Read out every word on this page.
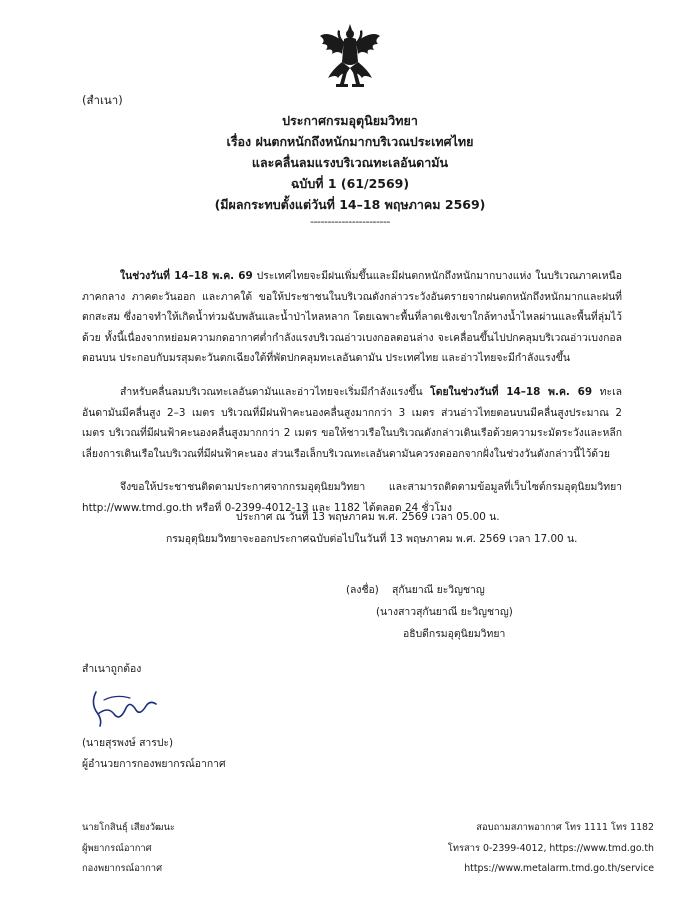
(สำเนา)
ประกาศกรมอุตุนิยมวิทยา
เรื่อง ฝนตกหนักถึงหนักมากบริเวณประเทศไทย
และคลื่นลมแรงบริเวณทะเลอันดามัน
ฉบับที่ 1 (61/2569)
(มีผลกระทบตั้งแต่วันที่ 14–18 พฤษภาคม 2569)
-----------------------

ในช่วงวันที่ 14–18 พ.ค. 69 ประเทศไทยจะมีฝนเพิ่มขึ้นและมีฝนตกหนักถึงหนักมากบางแห่ง ในบริเวณภาคเหนือ ภาคกลาง ภาคตะวันออก และภาคใต้ ขอให้ประชาชนในบริเวณดังกล่าวระวังอันตรายจากฝนตกหนักถึงหนักมากและฝนที่ตกสะสม ซึ่งอาจทำให้เกิดน้ำท่วมฉับพลันและน้ำป่าไหลหลาก โดยเฉพาะพื้นที่ลาดเชิงเขาใกล้ทางน้ำไหลผ่านและพื้นที่ลุ่มไว้ด้วย ทั้งนี้เนื่องจากหย่อมความกดอากาศต่ำกำลังแรงบริเวณอ่าวเบงกอลตอนล่าง จะเคลื่อนขึ้นไปปกคลุมบริเวณอ่าวเบงกอลตอนบน ประกอบกับมรสุมตะวันตกเฉียงใต้ที่พัดปกคลุมทะเลอันดามัน ประเทศไทย และอ่าวไทยจะมีกำลังแรงขึ้น

สำหรับคลื่นลมบริเวณทะเลอันดามันและอ่าวไทยจะเริ่มมีกำลังแรงขึ้น โดยในช่วงวันที่ 14–18 พ.ค. 69 ทะเลอันดามันมีคลื่นสูง 2–3 เมตร บริเวณที่มีฝนฟ้าคะนองคลื่นสูงมากกว่า 3 เมตร ส่วนอ่าวไทยตอนบนมีคลื่นสูงประมาณ 2 เมตร บริเวณที่มีฝนฟ้าคะนองคลื่นสูงมากกว่า 2 เมตร ขอให้ชาวเรือในบริเวณดังกล่าวเดินเรือด้วยความระมัดระวังและหลีกเลี่ยงการเดินเรือในบริเวณที่มีฝนฟ้าคะนอง ส่วนเรือเล็กบริเวณทะเลอันดามันควรงดออกจากฝั่งในช่วงวันดังกล่าวนี้ไว้ด้วย

จึงขอให้ประชาชนติดตามประกาศจากกรมอุตุนิยมวิทยา และสามารถติดตามข้อมูลที่เว็บไซต์กรมอุตุนิยมวิทยา http://www.tmd.go.th หรือที่ 0-2399-4012-13 และ 1182 ได้ตลอด 24 ชั่วโมง

ประกาศ ณ วันที่ 13 พฤษภาคม พ.ศ. 2569 เวลา 05.00 น.
กรมอุตุนิยมวิทยาจะออกประกาศฉบับต่อไปในวันที่ 13 พฤษภาคม พ.ศ. 2569 เวลา 17.00 น.
(ลงชื่อ) สุกันยาณี ยะวิญชาญ
(นางสาวสุกันยาณี ยะวิญชาญ)
อธิบดีกรมอุตุนิยมวิทยา
สำเนาถูกต้อง
(นายสุรพงษ์ สารปะ)
ผู้อำนวยการกองพยากรณ์อากาศ
นายโกสินธุ์ เสียงวัฒนะ
ผู้พยากรณ์อากาศ
กองพยากรณ์อากาศ
สอบถามสภาพอากาศ โทร 1111 โทร 1182
โทรสาร 0-2399-4012, https://www.tmd.go.th
https://www.metalarm.tmd.go.th/service
